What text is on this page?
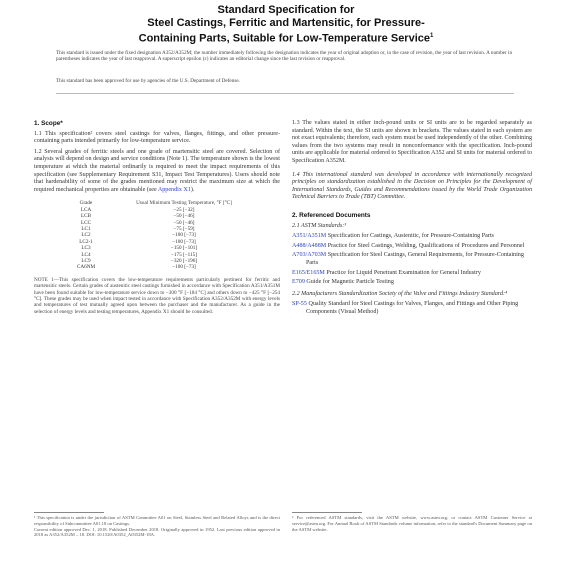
Standard Specification for
Steel Castings, Ferritic and Martensitic, for Pressure-
Containing Parts, Suitable for Low-Temperature Service$^1$
This standard is issued under the fixed designation A352/A352M; the number immediately following the designation indicates the year of original adoption or, in the case of revision, the year of last revision. A number in parentheses indicates the year of last reapproval. A superscript epsilon (ε) indicates an editorial change since the last revision or reapproval.
This standard has been approved for use by agencies of the U.S. Department of Defense.
1. Scope*

1.1 This specification² covers steel castings for valves, flanges, fittings, and other pressure-containing parts intended primarily for low-temperature service.

1.2 Several grades of ferritic steels and one grade of martensitic steel are covered. Selection of analysis will depend on design and service conditions (Note 1). The temperature shown is the lowest temperature at which the material ordinarily is required to meet the impact requirements of this specification (see Supplementary Requirement S31, Impact Test Temperatures). Users should note that hardenability of some of the grades mentioned may restrict the maximum size at which the required mechanical properties are obtainable (see Appendix X1).

Grade	Usual Minimum Testing Temperature, °F [°C]
LCA	−25 [−32]
LCB	−50 [−46]
LCC	−50 [−46]
LC1	−75 [−59]
LC2	−100 [−73]
LC2-1	−100 [−73]
LC3	−150 [−101]
LC4	−175 [−115]
LC9	−320 [−196]
CA6NM	−100 [−73]
NOTE 1—This specification covers the low-temperature requirements particularly pertinent for ferritic and martensitic steels. Certain grades of austenitic steel castings furnished in accordance with Specification A351/A351M have been found suitable for low-temperature service down to −300 °F [−184 °C] and others down to −425 °F [−254 °C]. These grades may be used when impact tested in accordance with Specification A352/A352M with energy levels and temperatures of test mutually agreed upon between the purchaser and the manufacturer. As a guide in the selection of energy levels and testing temperatures, Appendix X1 should be consulted.

1.3 The values stated in either inch-pound units or SI units are to be regarded separately as standard. Within the text, the SI units are shown in brackets. The values stated in each system are not exact equivalents; therefore, each system must be used independently of the other. Combining values from the two systems may result in nonconformance with the specification. Inch-pound units are applicable for material ordered to Specification A352 and SI units for material ordered to Specification A352M.

1.4 This international standard was developed in accordance with internationally recognized principles on standardization established in the Decision on Principles for the Development of International Standards, Guides and Recommendations issued by the World Trade Organization Technical Barriers to Trade (TBT) Committee.

2. Referenced Documents

2.1 ASTM Standards:³

A351/A351M Specification for Castings, Austenitic, for Pressure-Containing Parts
A488/A488M Practice for Steel Castings, Welding, Qualifications of Procedures and Personnel
A703/A703M Specification for Steel Castings, General Requirements, for Pressure-Containing Parts
E165/E165M Practice for Liquid Penetrant Examination for General Industry
E709 Guide for Magnetic Particle Testing

2.2 Manufacturers Standardization Society of the Valve and Fittings Industry Standard:⁴

SP-55 Quality Standard for Steel Castings for Valves, Flanges, and Fittings and Other Piping Components (Visual Method)
¹ This specification is under the jurisdiction of ASTM Committee A01 on Steel, Stainless Steel and Related Alloys and is the direct responsibility of Subcommittee A01.18 on Castings.
Current edition approved Dec. 1, 2018. Published December 2018. Originally approved in 1952. Last previous edition approved in 2018 as A352/A352M – 18. DOI: 10.1520/A0352_A0352M-18A.
³ For referenced ASTM standards, visit the ASTM website, www.astm.org, or contact ASTM Customer Service at service@astm.org. For Annual Book of ASTM Standards volume information, refer to the standard's Document Summary page on the ASTM website.
